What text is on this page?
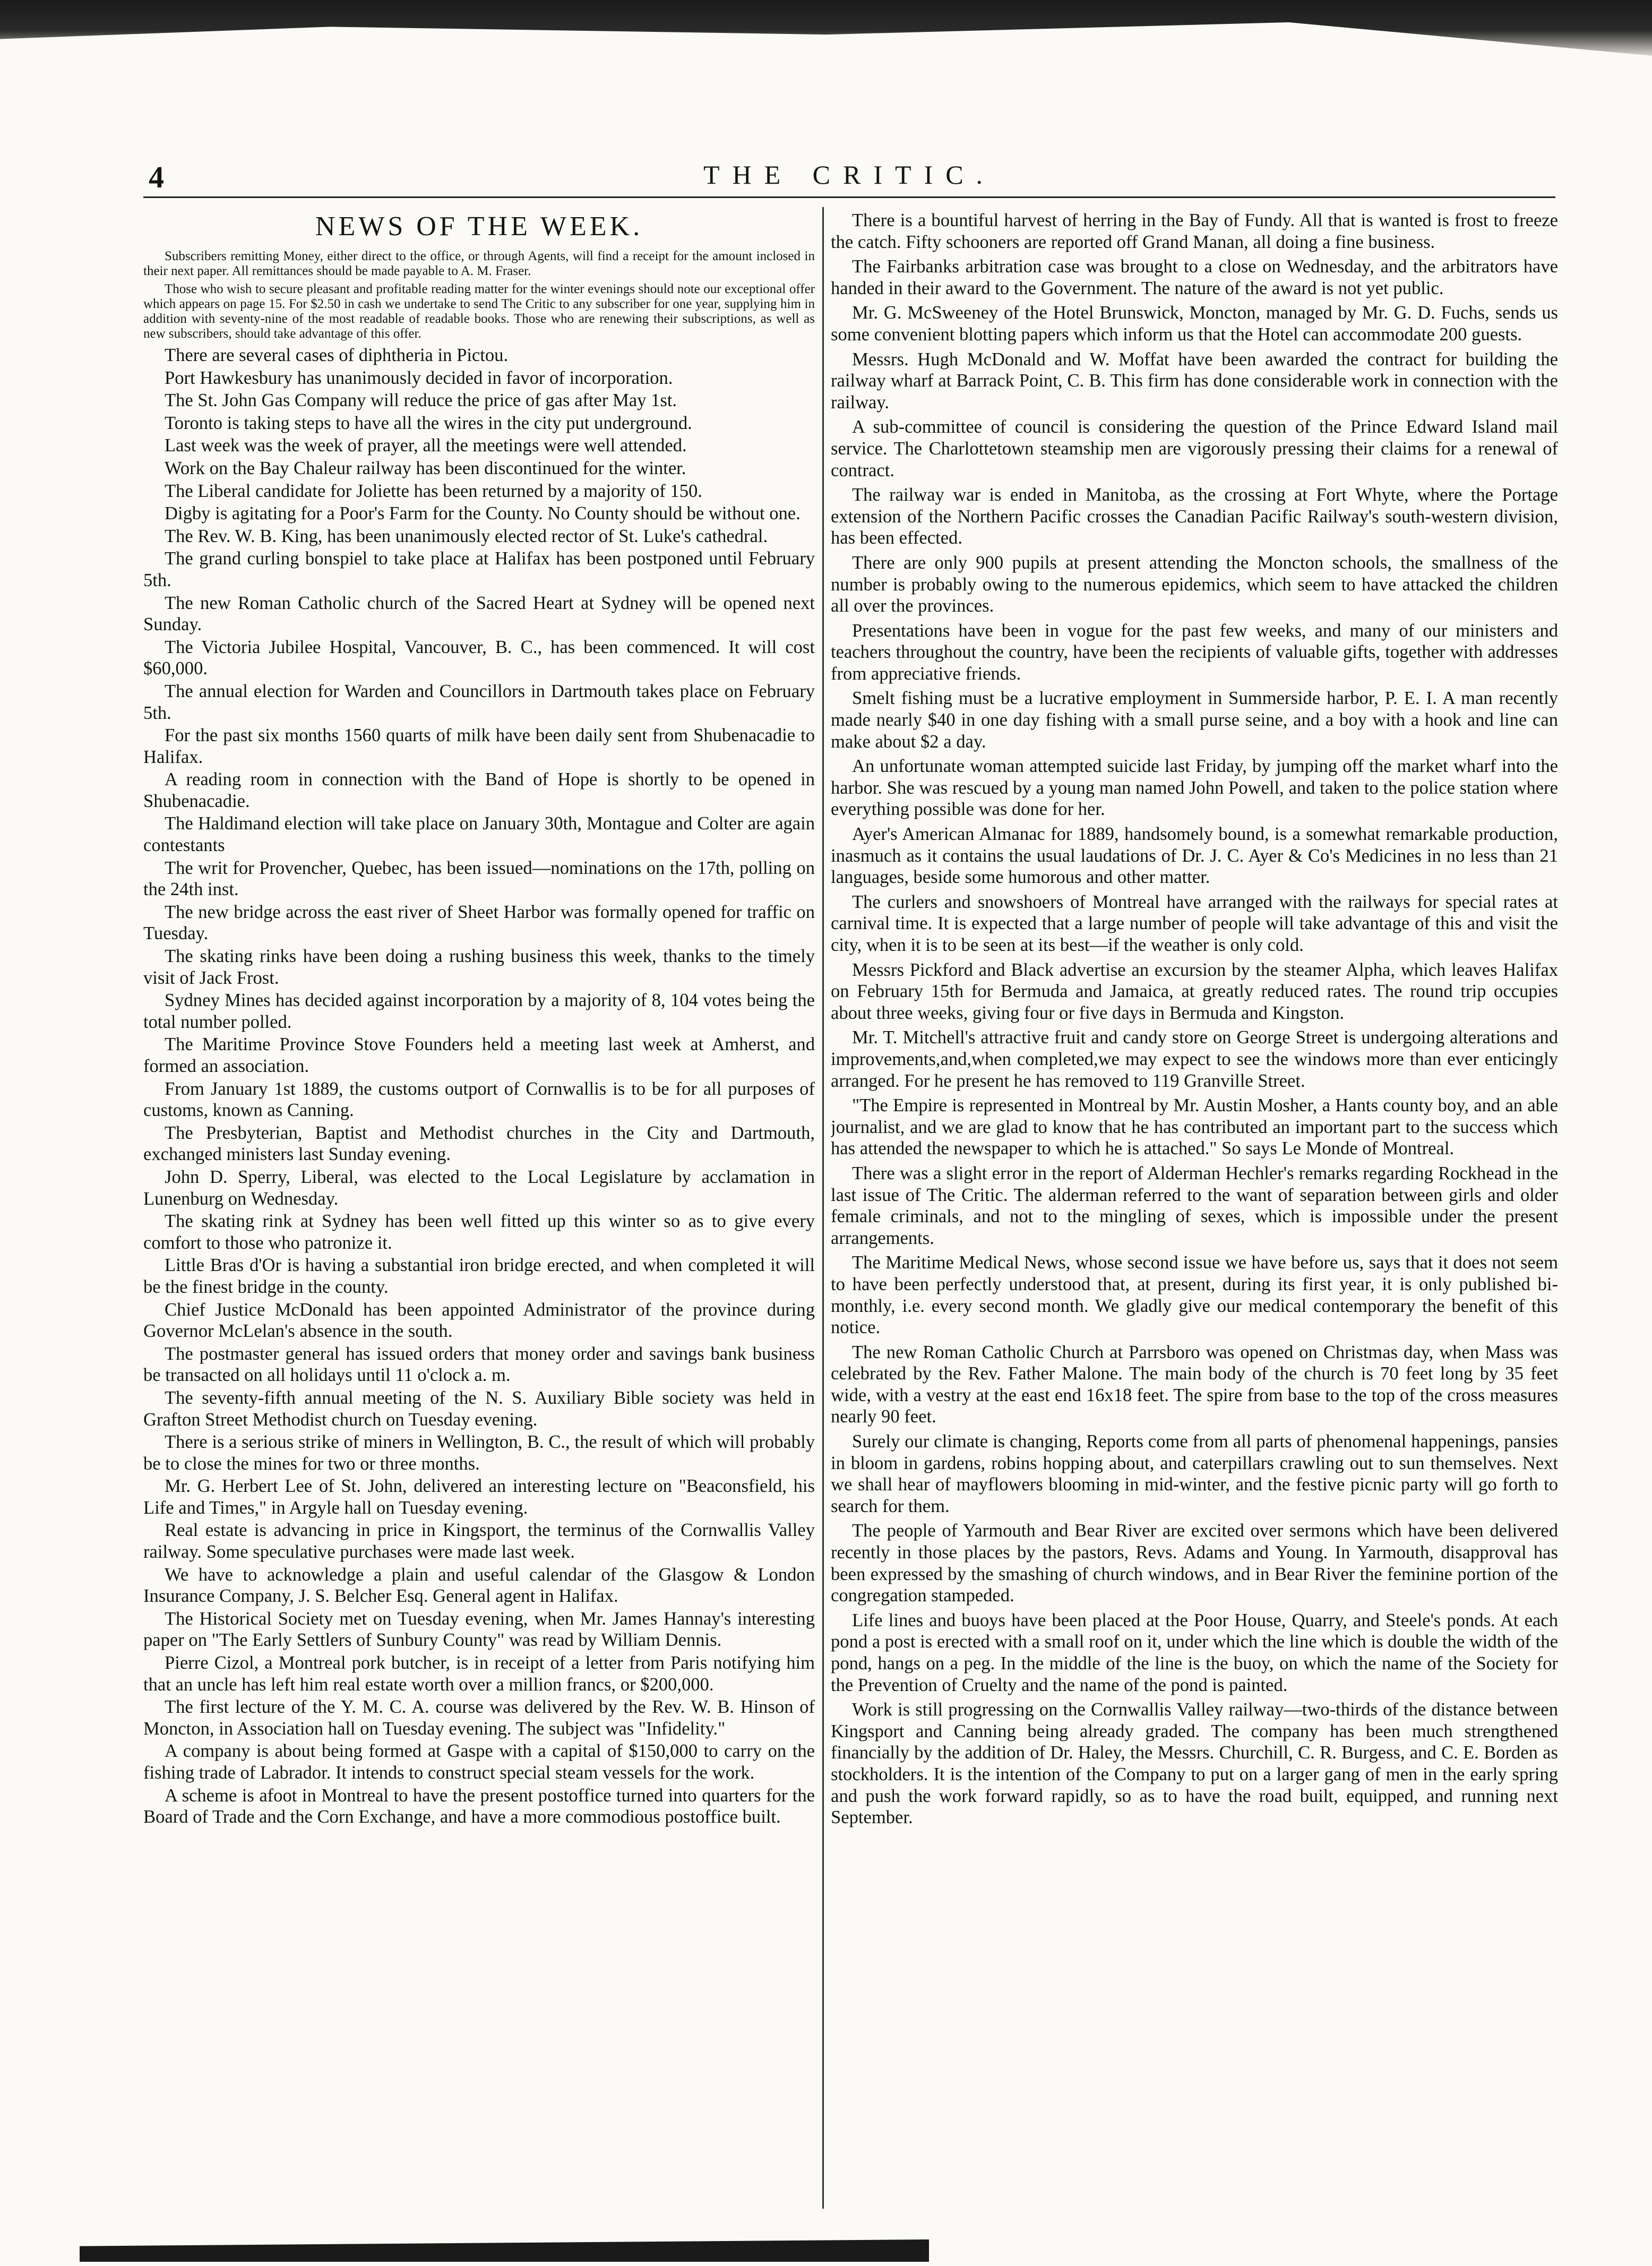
4	THE CRITIC.
NEWS OF THE WEEK.

Subscribers remitting Money, either direct to the office, or through Agents, will find a receipt for the amount inclosed in their next paper. All remittances should be made payable to A. M. Fraser.

Those who wish to secure pleasant and profitable reading matter for the winter evenings should note our exceptional offer which appears on page 15. For $2.50 in cash we undertake to send The Critic to any subscriber for one year, supplying him in addition with seventy-nine of the most readable of readable books. Those who are renewing their subscriptions, as well as new subscribers, should take advantage of this offer.

There are several cases of diphtheria in Pictou.

Port Hawkesbury has unanimously decided in favor of incorporation.

The St. John Gas Company will reduce the price of gas after May 1st.

Toronto is taking steps to have all the wires in the city put underground.

Last week was the week of prayer, all the meetings were well attended.

Work on the Bay Chaleur railway has been discontinued for the winter.

The Liberal candidate for Joliette has been returned by a majority of 150.

Digby is agitating for a Poor's Farm for the County. No County should be without one.

The Rev. W. B. King, has been unanimously elected rector of St. Luke's cathedral.

The grand curling bonspiel to take place at Halifax has been postponed until February 5th.

The new Roman Catholic church of the Sacred Heart at Sydney will be opened next Sunday.

The Victoria Jubilee Hospital, Vancouver, B. C., has been commenced. It will cost $60,000.

The annual election for Warden and Councillors in Dartmouth takes place on February 5th.

For the past six months 1560 quarts of milk have been daily sent from Shubenacadie to Halifax.

A reading room in connection with the Band of Hope is shortly to be opened in Shubenacadie.

The Haldimand election will take place on January 30th, Montague and Colter are again contestants

The writ for Provencher, Quebec, has been issued—nominations on the 17th, polling on the 24th inst.

The new bridge across the east river of Sheet Harbor was formally opened for traffic on Tuesday.

The skating rinks have been doing a rushing business this week, thanks to the timely visit of Jack Frost.

Sydney Mines has decided against incorporation by a majority of 8, 104 votes being the total number polled.

The Maritime Province Stove Founders held a meeting last week at Amherst, and formed an association.

From January 1st 1889, the customs outport of Cornwallis is to be for all purposes of customs, known as Canning.

The Presbyterian, Baptist and Methodist churches in the City and Dartmouth, exchanged ministers last Sunday evening.

John D. Sperry, Liberal, was elected to the Local Legislature by acclamation in Lunenburg on Wednesday.

The skating rink at Sydney has been well fitted up this winter so as to give every comfort to those who patronize it.

Little Bras d'Or is having a substantial iron bridge erected, and when completed it will be the finest bridge in the county.

Chief Justice McDonald has been appointed Administrator of the province during Governor McLelan's absence in the south.

The postmaster general has issued orders that money order and savings bank business be transacted on all holidays until 11 o'clock a. m.

The seventy-fifth annual meeting of the N. S. Auxiliary Bible society was held in Grafton Street Methodist church on Tuesday evening.

There is a serious strike of miners in Wellington, B. C., the result of which will probably be to close the mines for two or three months.

Mr. G. Herbert Lee of St. John, delivered an interesting lecture on "Beaconsfield, his Life and Times," in Argyle hall on Tuesday evening.

Real estate is advancing in price in Kingsport, the terminus of the Cornwallis Valley railway. Some speculative purchases were made last week.

We have to acknowledge a plain and useful calendar of the Glasgow & London Insurance Company, J. S. Belcher Esq. General agent in Halifax.

The Historical Society met on Tuesday evening, when Mr. James Hannay's interesting paper on "The Early Settlers of Sunbury County" was read by William Dennis.

Pierre Cizol, a Montreal pork butcher, is in receipt of a letter from Paris notifying him that an uncle has left him real estate worth over a million francs, or $200,000.

The first lecture of the Y. M. C. A. course was delivered by the Rev. W. B. Hinson of Moncton, in Association hall on Tuesday evening. The subject was "Infidelity."

A company is about being formed at Gaspe with a capital of $150,000 to carry on the fishing trade of Labrador. It intends to construct special steam vessels for the work.

A scheme is afoot in Montreal to have the present postoffice turned into quarters for the Board of Trade and the Corn Exchange, and have a more commodious postoffice built.

There is a bountiful harvest of herring in the Bay of Fundy. All that is wanted is frost to freeze the catch. Fifty schooners are reported off Grand Manan, all doing a fine business.

The Fairbanks arbitration case was brought to a close on Wednesday, and the arbitrators have handed in their award to the Government. The nature of the award is not yet public.

Mr. G. McSweeney of the Hotel Brunswick, Moncton, managed by Mr. G. D. Fuchs, sends us some convenient blotting papers which inform us that the Hotel can accommodate 200 guests.

Messrs. Hugh McDonald and W. Moffat have been awarded the contract for building the railway wharf at Barrack Point, C. B. This firm has done considerable work in connection with the railway.

A sub-committee of council is considering the question of the Prince Edward Island mail service. The Charlottetown steamship men are vigorously pressing their claims for a renewal of contract.

The railway war is ended in Manitoba, as the crossing at Fort Whyte, where the Portage extension of the Northern Pacific crosses the Canadian Pacific Railway's south-western division, has been effected.

There are only 900 pupils at present attending the Moncton schools, the smallness of the number is probably owing to the numerous epidemics, which seem to have attacked the children all over the provinces.

Presentations have been in vogue for the past few weeks, and many of our ministers and teachers throughout the country, have been the recipients of valuable gifts, together with addresses from appreciative friends.

Smelt fishing must be a lucrative employment in Summerside harbor, P. E. I. A man recently made nearly $40 in one day fishing with a small purse seine, and a boy with a hook and line can make about $2 a day.

An unfortunate woman attempted suicide last Friday, by jumping off the market wharf into the harbor. She was rescued by a young man named John Powell, and taken to the police station where everything possible was done for her.

Ayer's American Almanac for 1889, handsomely bound, is a somewhat remarkable production, inasmuch as it contains the usual laudations of Dr. J. C. Ayer & Co's Medicines in no less than 21 languages, beside some humorous and other matter.

The curlers and snowshoers of Montreal have arranged with the railways for special rates at carnival time. It is expected that a large number of people will take advantage of this and visit the city, when it is to be seen at its best—if the weather is only cold.

Messrs Pickford and Black advertise an excursion by the steamer Alpha, which leaves Halifax on February 15th for Bermuda and Jamaica, at greatly reduced rates. The round trip occupies about three weeks, giving four or five days in Bermuda and Kingston.

Mr. T. Mitchell's attractive fruit and candy store on George Street is undergoing alterations and improvements,and,when completed,we may expect to see the windows more than ever enticingly arranged. For he present he has removed to 119 Granville Street.

"The Empire is represented in Montreal by Mr. Austin Mosher, a Hants county boy, and an able journalist, and we are glad to know that he has contributed an important part to the success which has attended the newspaper to which he is attached." So says Le Monde of Montreal.

There was a slight error in the report of Alderman Hechler's remarks regarding Rockhead in the last issue of The Critic. The alderman referred to the want of separation between girls and older female criminals, and not to the mingling of sexes, which is impossible under the present arrangements.

The Maritime Medical News, whose second issue we have before us, says that it does not seem to have been perfectly understood that, at present, during its first year, it is only published bi-monthly, i.e. every second month. We gladly give our medical contemporary the benefit of this notice.

The new Roman Catholic Church at Parrsboro was opened on Christmas day, when Mass was celebrated by the Rev. Father Malone. The main body of the church is 70 feet long by 35 feet wide, with a vestry at the east end 16x18 feet. The spire from base to the top of the cross measures nearly 90 feet.

Surely our climate is changing, Reports come from all parts of phenomenal happenings, pansies in bloom in gardens, robins hopping about, and caterpillars crawling out to sun themselves. Next we shall hear of mayflowers blooming in mid-winter, and the festive picnic party will go forth to search for them.

The people of Yarmouth and Bear River are excited over sermons which have been delivered recently in those places by the pastors, Revs. Adams and Young. In Yarmouth, disapproval has been expressed by the smashing of church windows, and in Bear River the feminine portion of the congregation stampeded.

Life lines and buoys have been placed at the Poor House, Quarry, and Steele's ponds. At each pond a post is erected with a small roof on it, under which the line which is double the width of the pond, hangs on a peg. In the middle of the line is the buoy, on which the name of the Society for the Prevention of Cruelty and the name of the pond is painted.

Work is still progressing on the Cornwallis Valley railway—two-thirds of the distance between Kingsport and Canning being already graded. The company has been much strengthened financially by the addition of Dr. Haley, the Messrs. Churchill, C. R. Burgess, and C. E. Borden as stockholders. It is the intention of the Company to put on a larger gang of men in the early spring and push the work forward rapidly, so as to have the road built, equipped, and running next September.
